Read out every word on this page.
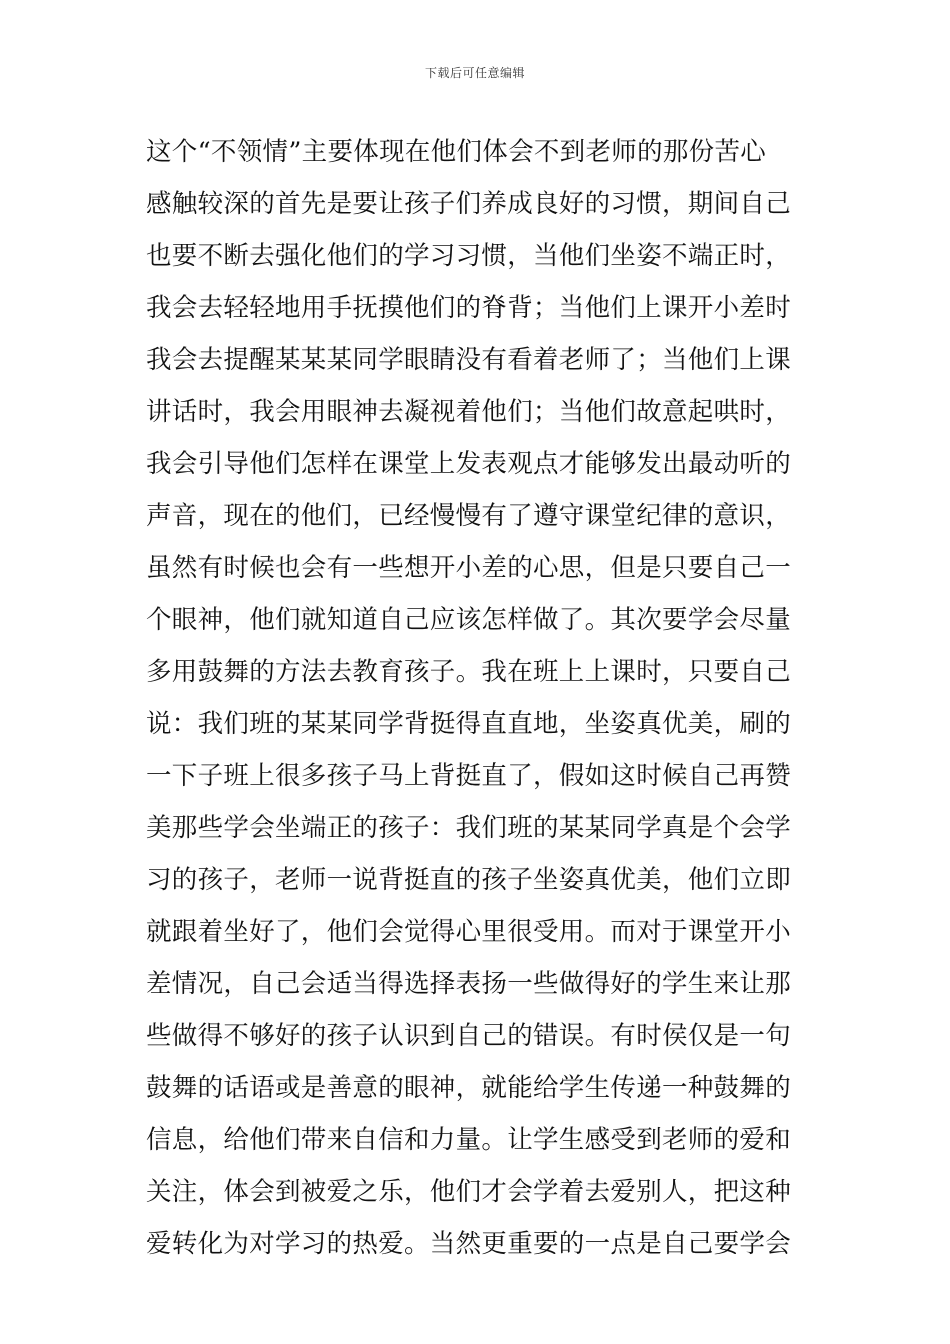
下载后可任意编辑
这个“不领情”主要体现在他们体会不到老师的那份苦心
感触较深的首先是要让孩子们养成良好的习惯，期间自己
也要不断去强化他们的学习习惯，当他们坐姿不端正时，
我会去轻轻地用手抚摸他们的脊背；当他们上课开小差时
我会去提醒某某某同学眼睛没有看着老师了；当他们上课
讲话时，我会用眼神去凝视着他们；当他们故意起哄时，
我会引导他们怎样在课堂上发表观点才能够发出最动听的
声音，现在的他们，已经慢慢有了遵守课堂纪律的意识，
虽然有时候也会有一些想开小差的心思，但是只要自己一
个眼神，他们就知道自己应该怎样做了。其次要学会尽量
多用鼓舞的方法去教育孩子。我在班上上课时，只要自己
说：我们班的某某同学背挺得直直地，坐姿真优美，刷的
一下子班上很多孩子马上背挺直了，假如这时候自己再赞
美那些学会坐端正的孩子：我们班的某某同学真是个会学
习的孩子，老师一说背挺直的孩子坐姿真优美，他们立即
就跟着坐好了，他们会觉得心里很受用。而对于课堂开小
差情况，自己会适当得选择表扬一些做得好的学生来让那
些做得不够好的孩子认识到自己的错误。有时侯仅是一句
鼓舞的话语或是善意的眼神，就能给学生传递一种鼓舞的
信息，给他们带来自信和力量。让学生感受到老师的爱和
关注，体会到被爱之乐，他们才会学着去爱别人，把这种
爱转化为对学习的热爱。当然更重要的一点是自己要学会
